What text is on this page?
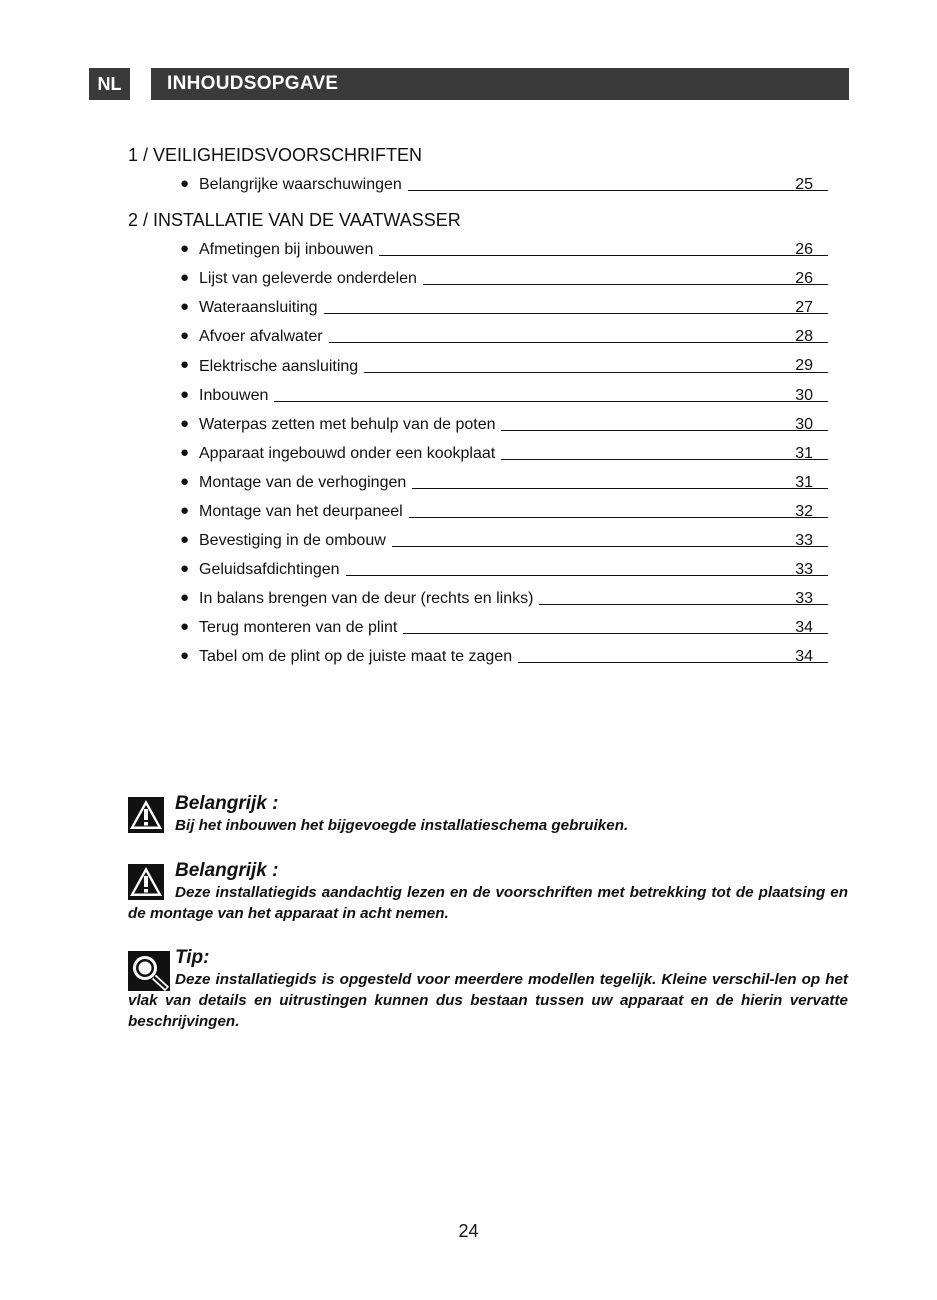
NL	INHOUDSOPGAVE
1 / VEILIGHEIDSVOORSCHRIFTEN
● Belangrijke waarschuwingen	25
2 / INSTALLATIE VAN DE VAATWASSER
● Afmetingen bij inbouwen	26
● Lijst van geleverde onderdelen	26
● Wateraansluiting	27
● Afvoer afvalwater	28
● Elektrische aansluiting	29
● Inbouwen	30
● Waterpas zetten met behulp van de poten	30
● Apparaat ingebouwd onder een kookplaat	31
● Montage van de verhogingen	31
● Montage van het deurpaneel	32
● Bevestiging in de ombouw	33
● Geluidsafdichtingen	33
● In balans brengen van de deur (rechts en links)	33
● Terug monteren van de plint	34
● Tabel om de plint op de juiste maat te zagen	34
Belangrijk :
Bij het inbouwen het bijgevoegde installatieschema gebruiken.
Belangrijk :
Deze installatiegids aandachtig lezen en de voorschriften met betrekking tot de plaatsing en de montage van het apparaat in acht nemen.
Tip:
Deze installatiegids is opgesteld voor meerdere modellen tegelijk. Kleine verschil-len op het vlak van details en uitrustingen kunnen dus bestaan tussen uw apparaat en de hierin vervatte beschrijvingen.
24
